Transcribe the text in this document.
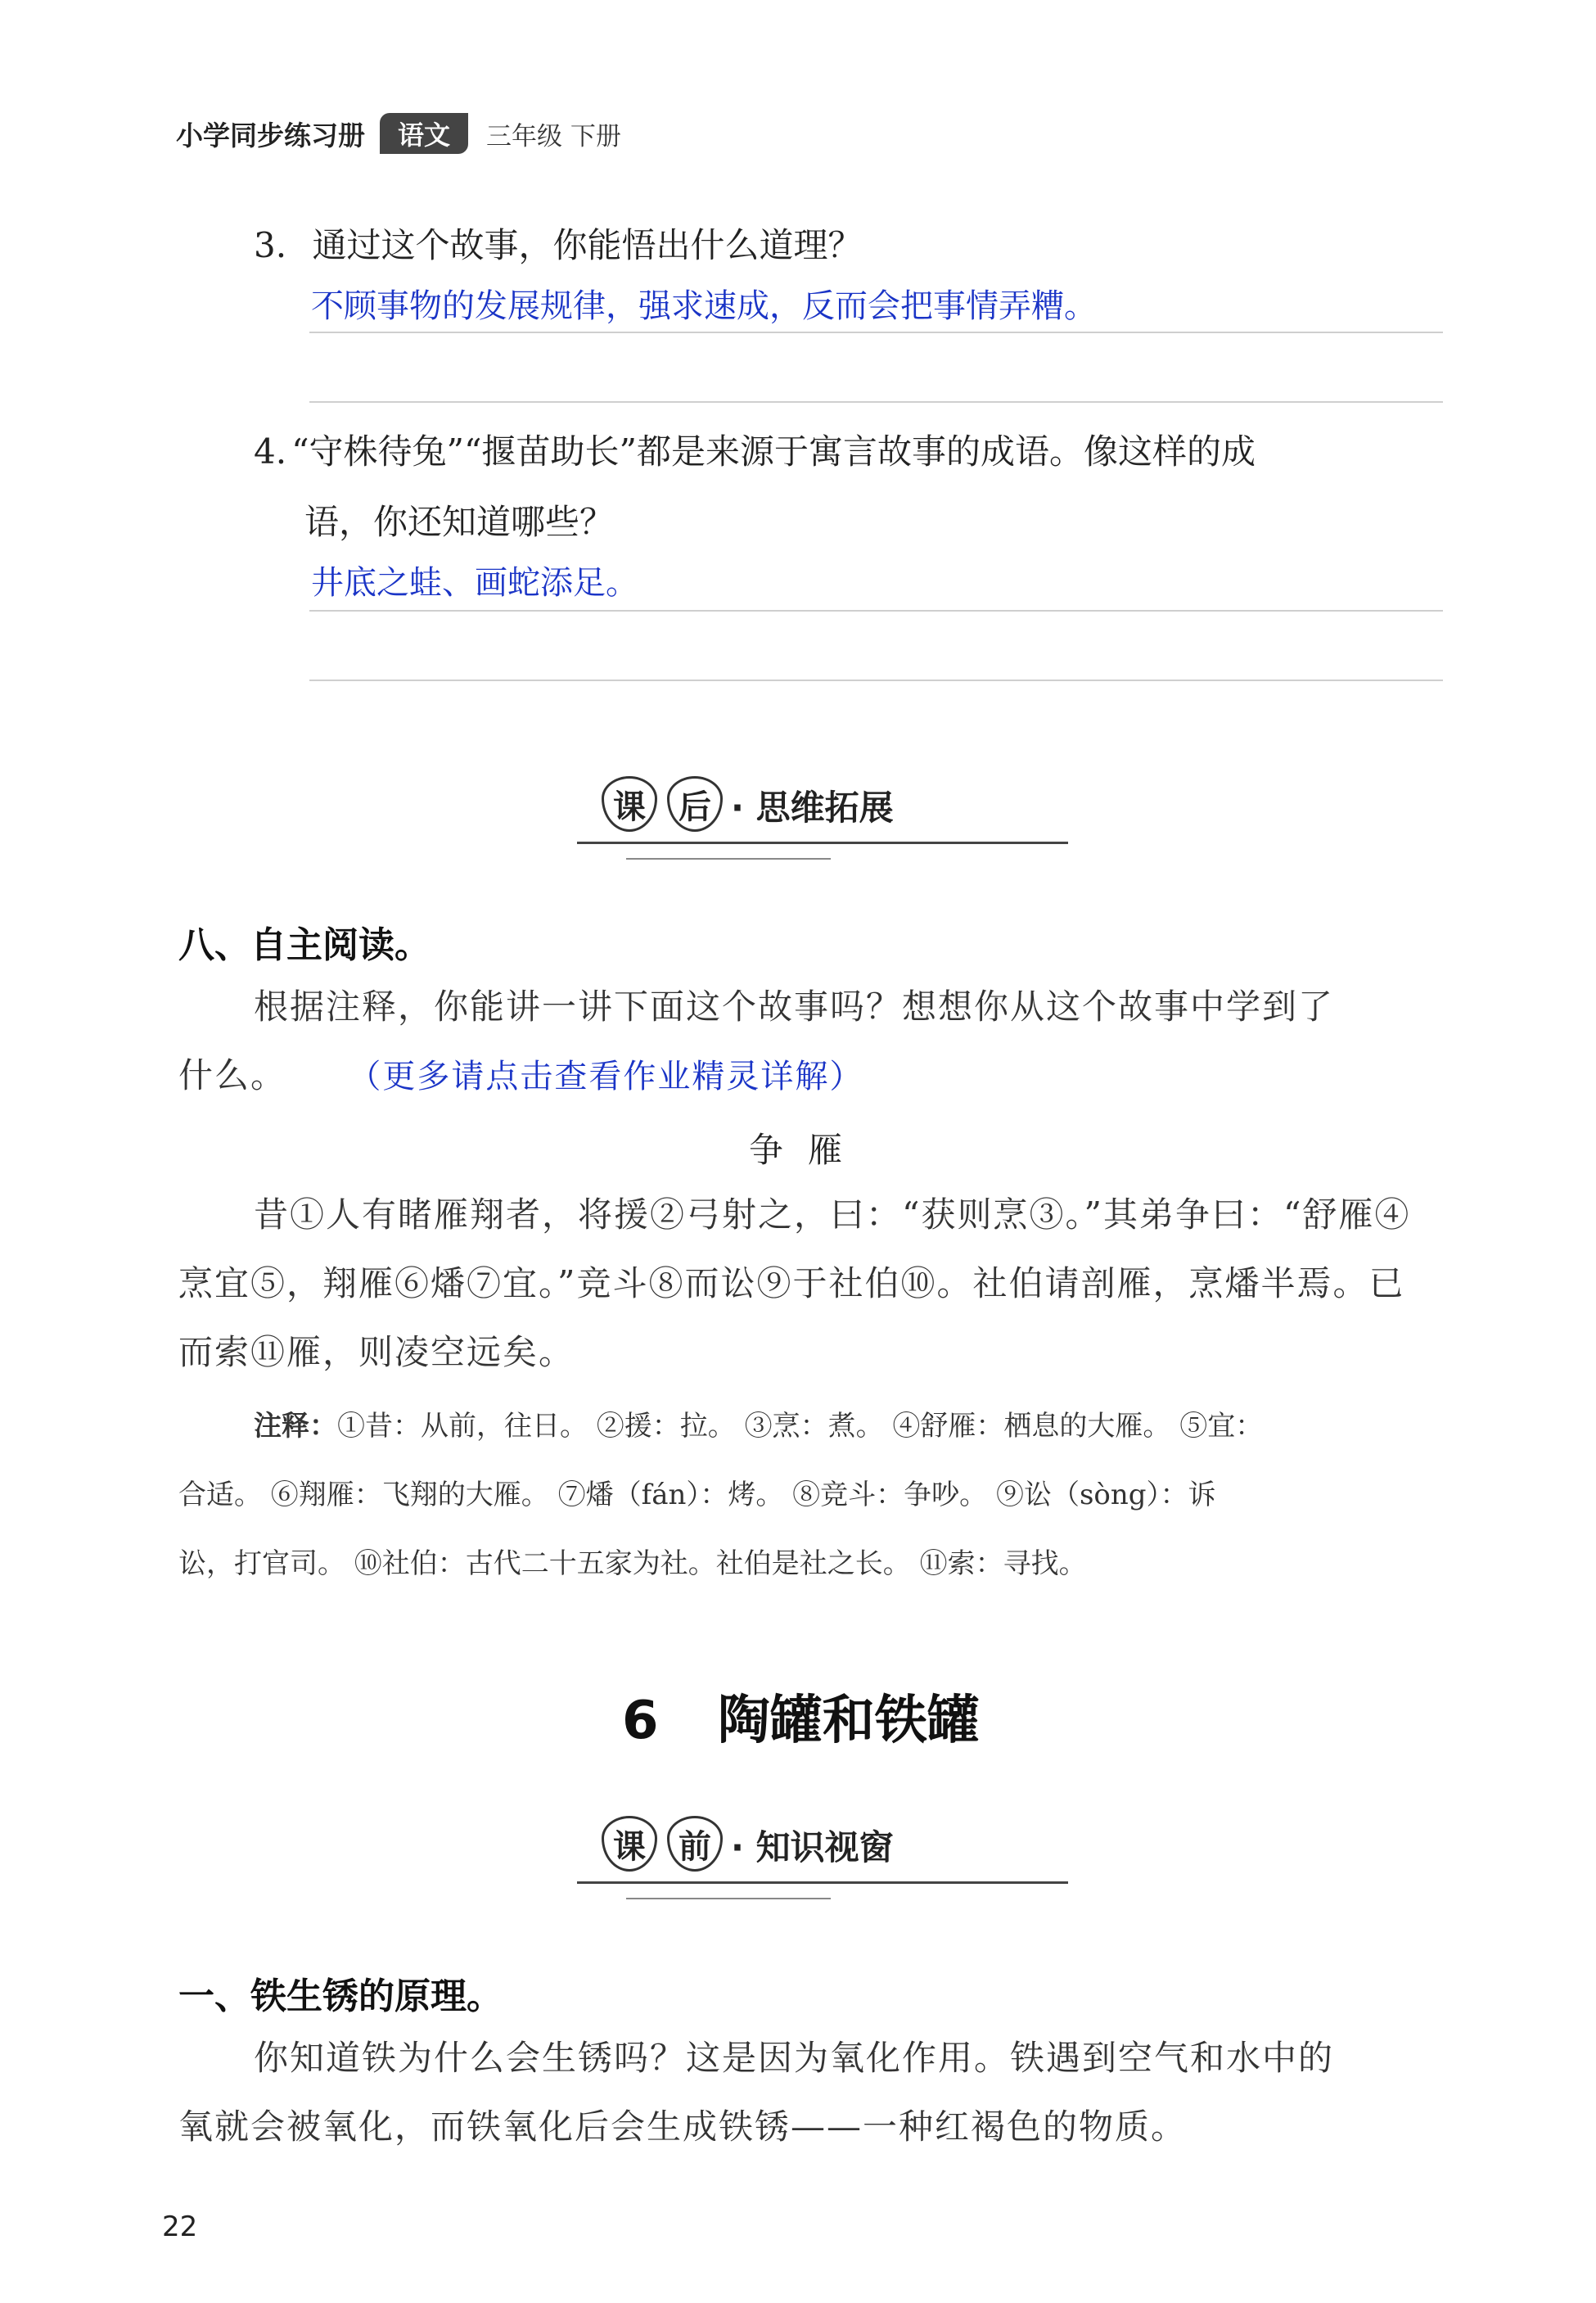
小学同步练习册	语文	三年级 下册
3. 通过这个故事，你能悟出什么道理？
不顾事物的发展规律，强求速成，反而会把事情弄糟。
4. “守株待兔”“揠苗助长”都是来源于寓言故事的成语。像这样的成
语，你还知道哪些？
井底之蛙、画蛇添足。
课	后 · 思维拓展
八、自主阅读。
根据注释，你能讲一讲下面这个故事吗？想想你从这个故事中学到了
什么。 （更多请点击查看作业精灵详解）
争雁
昔①人有睹雁翔者，将援②弓射之，曰：“获则烹③。”其弟争曰：“舒雁④
烹宜⑤，翔雁⑥燔⑦宜。”竞斗⑧而讼⑨于社伯⑩。社伯请剖雁，烹燔半焉。已
而索⑪雁，则凌空远矣。
注释：①昔：从前，往日。 ②援：拉。 ③烹：煮。 ④舒雁：栖息的大雁。 ⑤宜：
合适。 ⑥翔雁：飞翔的大雁。 ⑦燔（fán）：烤。 ⑧竞斗：争吵。 ⑨讼（sòng）：诉
讼，打官司。 ⑩社伯：古代二十五家为社。社伯是社之长。 ⑪索：寻找。
6 陶罐和铁罐
课	前 · 知识视窗
一、铁生锈的原理。
你知道铁为什么会生锈吗？这是因为氧化作用。铁遇到空气和水中的
氧就会被氧化，而铁氧化后会生成铁锈——一种红褐色的物质。
22
